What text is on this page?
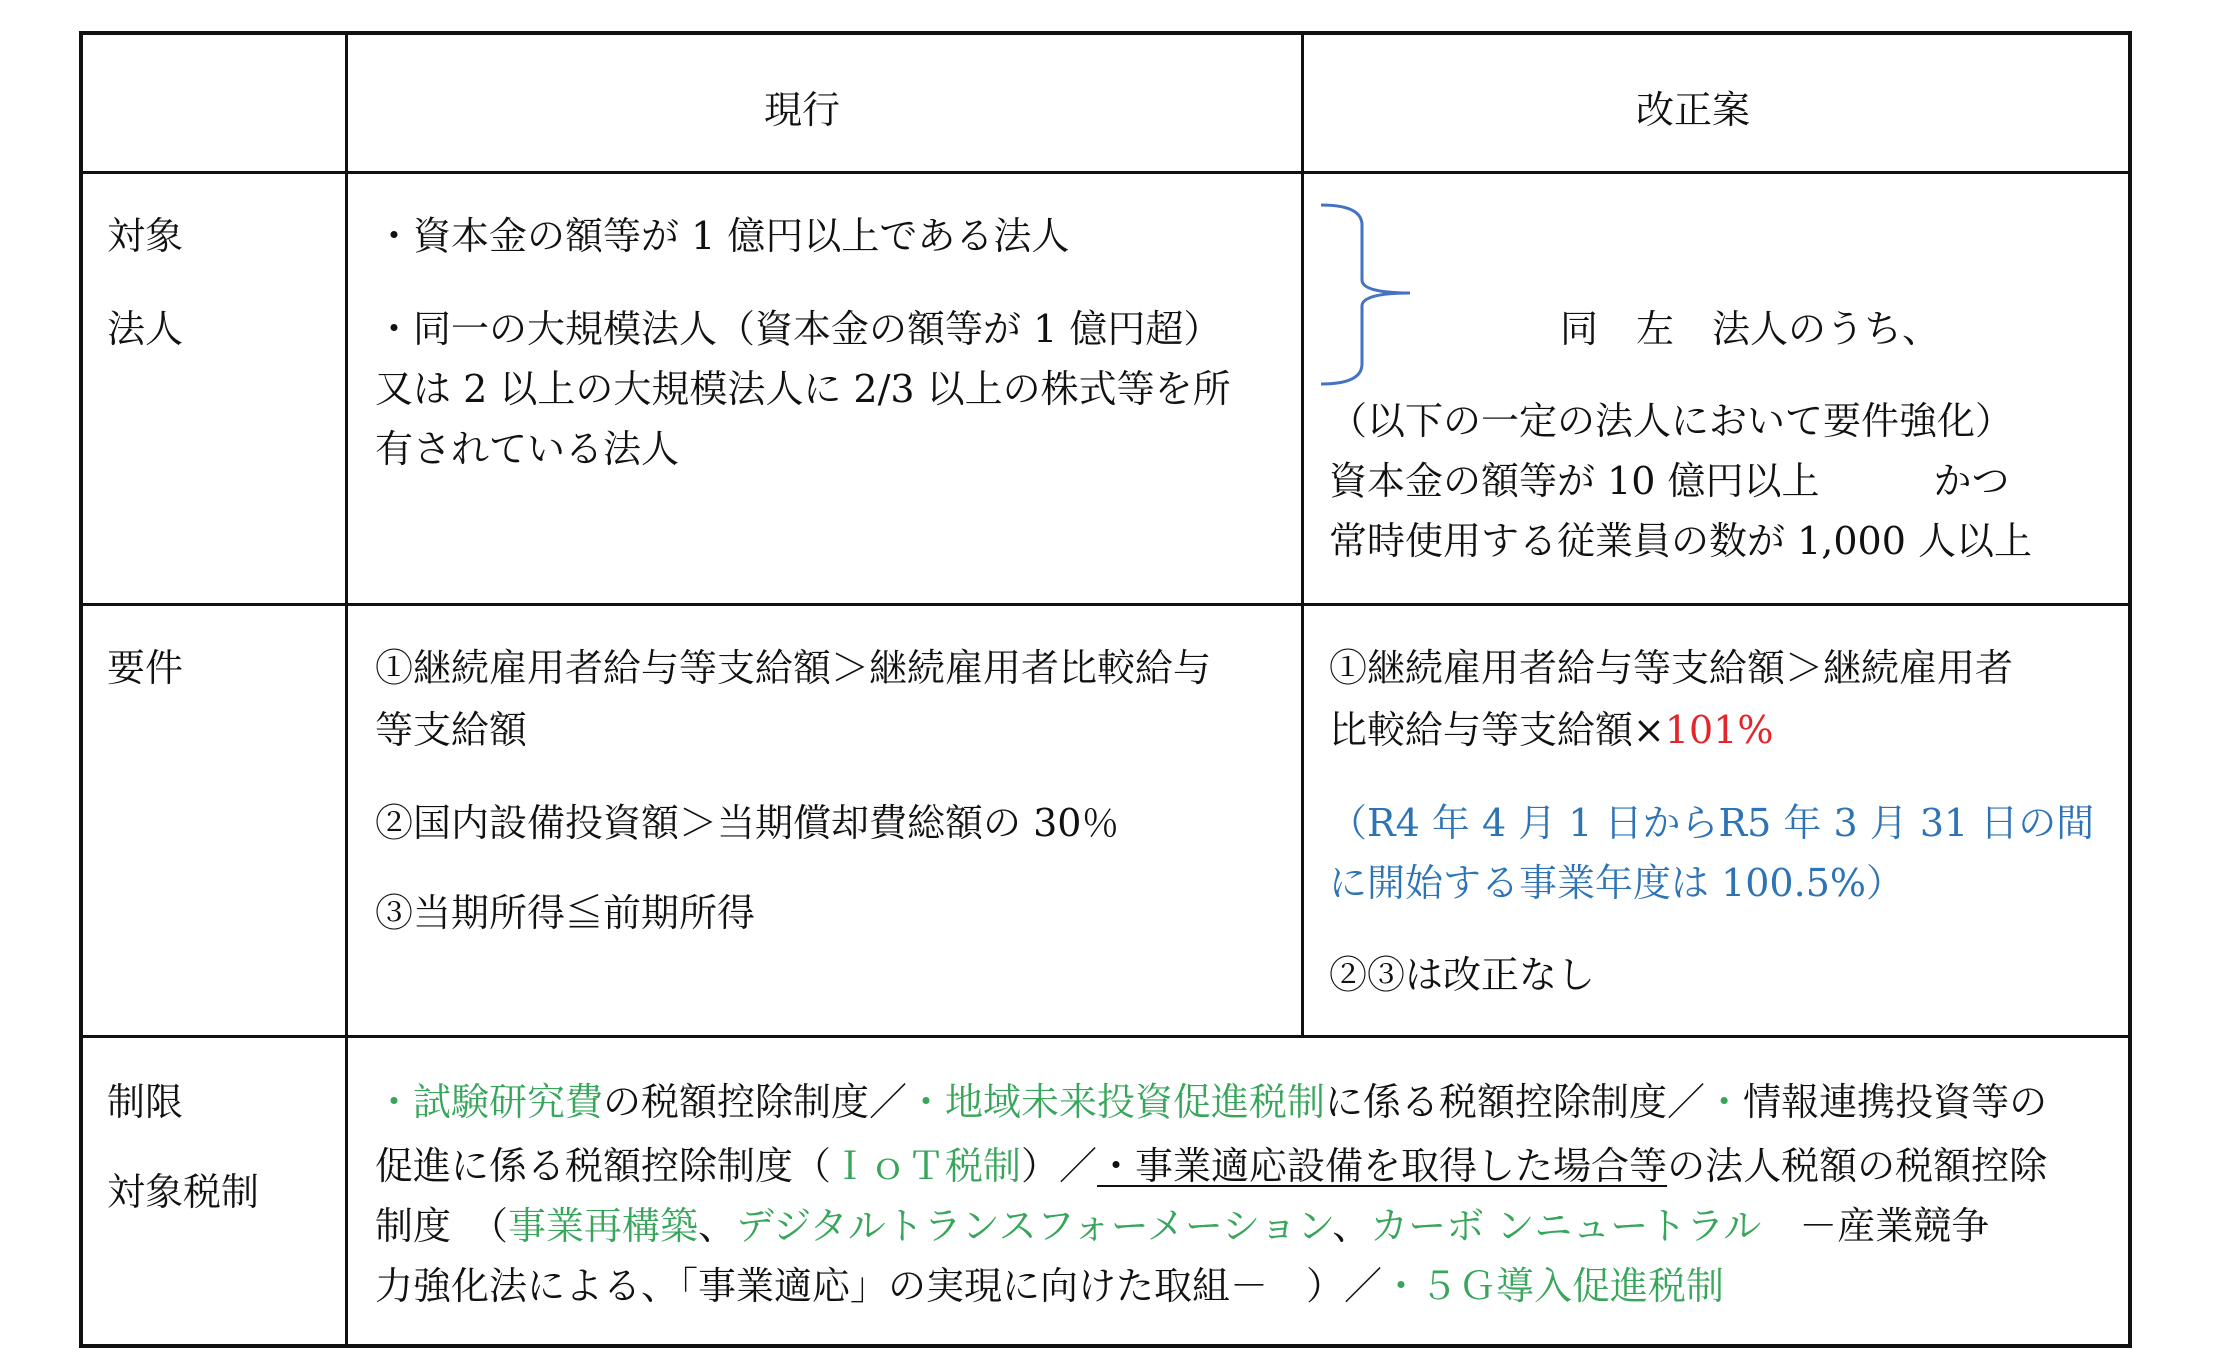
現行	改正案
対象
法人
・資本金の額等が 1 億円以上である法人
・同一の大規模法人（資本金の額等が 1 億円超）
又は 2 以上の大規模法人に 2/3 以上の株式等を所
有されている法人
同　左　法人のうち、
（以下の一定の法人において要件強化）
資本金の額等が 10 億円以上　　　かつ
常時使用する従業員の数が 1,000 人以上
要件	①継続雇用者給与等支給額＞継続雇用者比較給与
等支給額
②国内設備投資額＞当期償却費総額の 30％
③当期所得≦前期所得
①継続雇用者給与等支給額＞継続雇用者
比較給与等支給額×101%
（R4 年 4 月 1 日からR5 年 3 月 31 日の間
に開始する事業年度は 100.5%）
②③は改正なし
制限
対象税制
・試験研究費の税額控除制度／・地域未来投資促進税制に係る税額控除制度／・情報連携投資等の
促進に係る税額控除制度（ＩｏＴ税制）／・事業適応設備を取得した場合等の法人税額の税額控除
制度　（事業再構築、デジタルトランスフォーメーション、カーボ ンニュートラル　－産業競争
力強化法による、「事業適応」の実現に向けた取組－　）／・５Ｇ導入促進税制
